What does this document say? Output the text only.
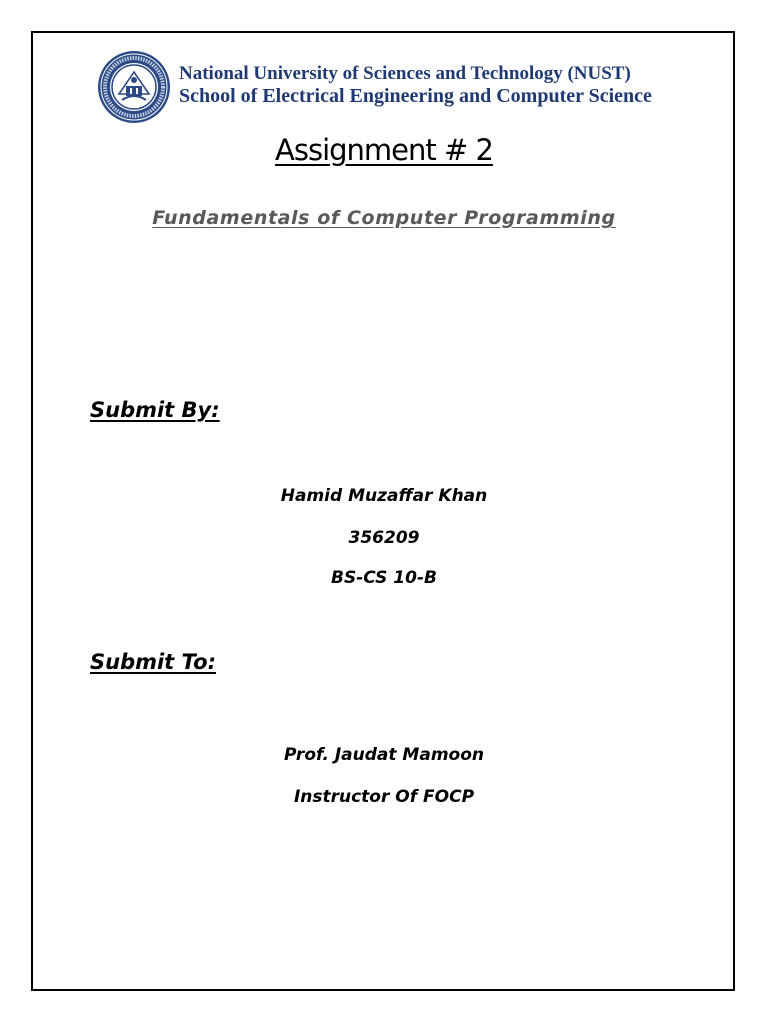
National University of Sciences and Technology (NUST)
School of Electrical Engineering and Computer Science
Assignment # 2
Fundamentals of Computer Programming
Submit By:
Hamid Muzaffar Khan
356209
BS-CS 10-B
Submit To:
Prof. Jaudat Mamoon
Instructor Of FOCP
